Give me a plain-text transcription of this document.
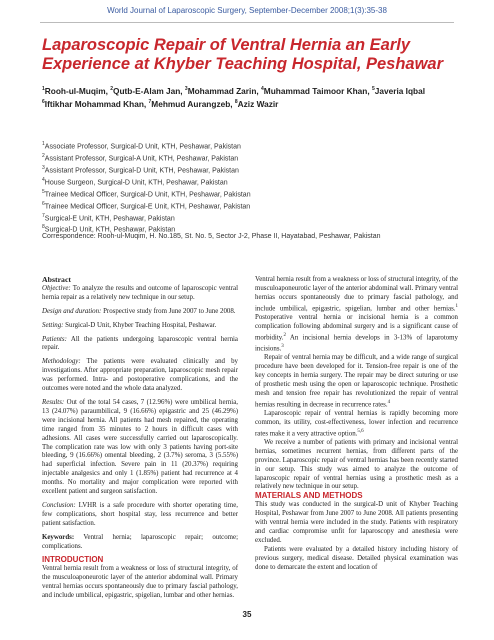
World Journal of Laparoscopic Surgery, September-December 2008;1(3):35-38
Laparoscopic Repair of Ventral Hernia an Early Experience at Khyber Teaching Hospital, Peshawar
$^1$Rooh-ul-Muqim, $^2$Qutb-E-Alam Jan, $^3$Mohammad Zarin, $^4$Muhammad Taimoor Khan, $^5$Javeria Iqbal
$^6$Iftikhar Mohammad Khan, $^7$Mehmud Aurangzeb, $^8$Aziz Wazir
$^1$Associate Professor, Surgical-D Unit, KTH, Peshawar, Pakistan
$^2$Assistant Professor, Surgical-A Unit, KTH, Peshawar, Pakistan
$^3$Assistant Professor, Surgical-D Unit, KTH, Peshawar, Pakistan
$^4$House Surgeon, Surgical-D Unit, KTH, Peshawar, Pakistan
$^5$Trainee Medical Officer, Surgical-D Unit, KTH, Peshawar, Pakistan
$^6$Trainee Medical Officer, Surgical-E Unit, KTH, Peshawar, Pakistan
$^7$Surgical-E Unit, KTH, Peshawar, Pakistan
$^8$Surgical-D Unit, KTH, Peshawar, Pakistan
Correspondence: Rooh-ul-Muqim, H. No.185, St. No. 5, Sector J-2, Phase II, Hayatabad, Peshawar, Pakistan

Abstract

Objective: To analyze the results and outcome of laparoscopic ventral hernia repair as a relatively new technique in our setup.

Design and duration: Prospective study from June 2007 to June 2008.

Setting: Surgical-D Unit, Khyber Teaching Hospital, Peshawar.

Patients: All the patients undergoing laparoscopic ventral hernia repair.

Methodology: The patients were evaluated clinically and by investigations. After appropriate preparation, laparoscopic mesh repair was performed. Intra- and postoperative complications, and the outcomes were noted and the whole data analyzed.

Results: Out of the total 54 cases, 7 (12.96%) were umbilical hernia, 13 (24.07%) paraumbilical, 9 (16.66%) epigastric and 25 (46.29%) were incisional hernia. All patients had mesh repaired, the operating time ranged from 35 minutes to 2 hours in difficult cases with adhesions. All cases were successfully carried out laparoscopically. The complication rate was low with only 3 patients having port-site bleeding, 9 (16.66%) omental bleeding, 2 (3.7%) seroma, 3 (5.55%) had superficial infection. Severe pain in 11 (20.37%) requiring injectable analgesics and only 1 (1.85%) patient had recurrence at 4 months. No mortality and major complication were reported with excellent patient and surgeon satisfaction.

Conclusion: LVHR is a safe procedure with shorter operating time, few complications, short hospital stay, less recurrence and better patient satisfaction.

Keywords: Ventral hernia; laparoscopic repair; outcome; complications.

INTRODUCTION

Ventral hernia result from a weakness or loss of structural integrity, of the musculoaponeurotic layer of the anterior abdominal wall. Primary ventral hernias occurs spontaneously due to primary fascial pathology, and include umbilical, epigastric, spigelian, lumbar and other hernias.

Ventral hernia result from a weakness or loss of structural integrity, of the musculoaponeurotic layer of the anterior abdominal wall. Primary ventral hernias occurs spontaneously due to primary fascial pathology, and include umbilical, epigastric, spigelian, lumbar and other hernias.$^1$ Postoperative ventral hernia or incisional hernia is a common complication following abdominal surgery and is a significant cause of morbidity.$^2$ An incisional hernia develops in 3-13% of laparotomy incisions.$^3$

Repair of ventral hernia may be difficult, and a wide range of surgical procedure have been developed for it. Tension-free repair is one of the key concepts in hernia surgery. The repair may be direct suturing or use of prosthetic mesh using the open or laparoscopic technique. Prosthetic mesh and tension free repair has revolutionized the repair of ventral hernias resulting in decrease in recurrence rates.$^4$

Laparoscopic repair of ventral hernias is rapidly becoming more common, its utility, cost-effectiveness, lower infection and recurrence rates make it a very attractive option.$^{5,6}$

We receive a number of patients with primary and incisional ventral hernias, sometimes recurrent hernias, from different parts of the province. Laparoscopic repair of ventral hernias has been recently started in our setup. This study was aimed to analyze the outcome of laparoscopic repair of ventral hernias using a prosthetic mesh as a relatively new technique in our setup.

MATERIALS AND METHODS

This study was conducted in the surgical-D unit of Khyber Teaching Hospital, Peshawar from June 2007 to June 2008. All patients presenting with ventral hernia were included in the study. Patients with respiratory and cardiac compromise unfit for laparoscopy and anesthesia were excluded.

Patients were evaluated by a detailed history including history of previous surgery, medical disease. Detailed physical examination was done to demarcate the extent and location of

35
